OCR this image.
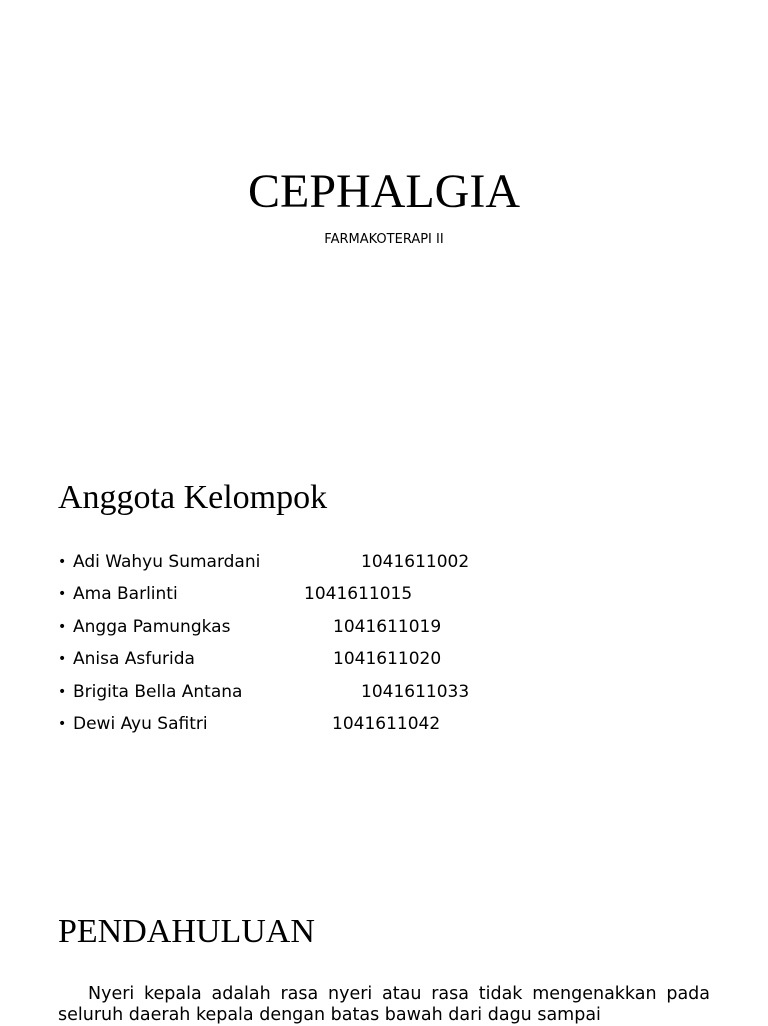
CEPHALGIA

FARMAKOTERAPI II

Anggota Kelompok
• Adi Wahyu Sumardani	1041611002
• Ama Barlinti	1041611015
• Angga Pamungkas	1041611019
• Anisa Asfurida	1041611020
• Brigita Bella Antana	1041611033
• Dewi Ayu Safitri	1041611042
PENDAHULUAN

Nyeri kepala adalah rasa nyeri atau rasa tidak mengenakkan pada seluruh daerah kepala dengan batas bawah dari dagu sampai
